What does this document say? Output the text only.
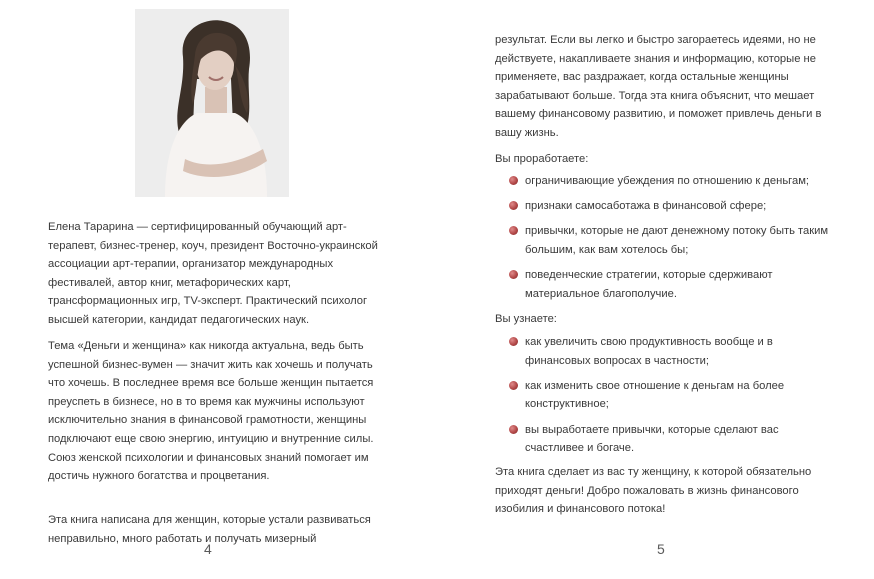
Елена Тарарина — сертифицированный обучающий арт-терапевт, бизнес-тренер, коуч, президент Восточно-украинской ассоциации арт-терапии, организатор международных фестивалей, автор книг, метафорических карт, трансформационных игр, TV-эксперт. Практический психолог высшей категории, кандидат педагогических наук.

Тема «Деньги и женщина» как никогда актуальна, ведь быть успешной бизнес-вумен — значит жить как хочешь и получать что хочешь. В последнее время все больше женщин пытается преуспеть в бизнесе, но в то время как мужчины используют исключительно знания в финансовой грамотности, женщины подключают еще свою энергию, интуицию и внутренние силы. Союз женской психологии и финансовых знаний помогает им достичь нужного богатства и процветания.

Эта книга написана для женщин, которые устали развиваться неправильно, много работать и получать мизерный

4

результат. Если вы легко и быстро загораетесь идеями, но не действуете, накапливаете знания и информацию, которые не применяете, вас раздражает, когда остальные женщины зарабатывают больше. Тогда эта книга объяснит, что мешает вашему финансовому развитию, и поможет привлечь деньги в вашу жизнь.

Вы проработаете:
ограничивающие убеждения по отношению к деньгам;
признаки самосаботажа в финансовой сфере;
привычки, которые не дают денежному потоку быть таким большим, как вам хотелось бы;
поведенческие стратегии, которые сдерживают материальное благополучие.
Вы узнаете:
как увеличить свою продуктивность вообще и в финансовых вопросах в частности;
как изменить свое отношение к деньгам на более конструктивное;
вы выработаете привычки, которые сделают вас счастливее и богаче.

Эта книга сделает из вас ту женщину, к которой обязательно приходят деньги! Добро пожаловать в жизнь финансового изобилия и финансового потока!

5
